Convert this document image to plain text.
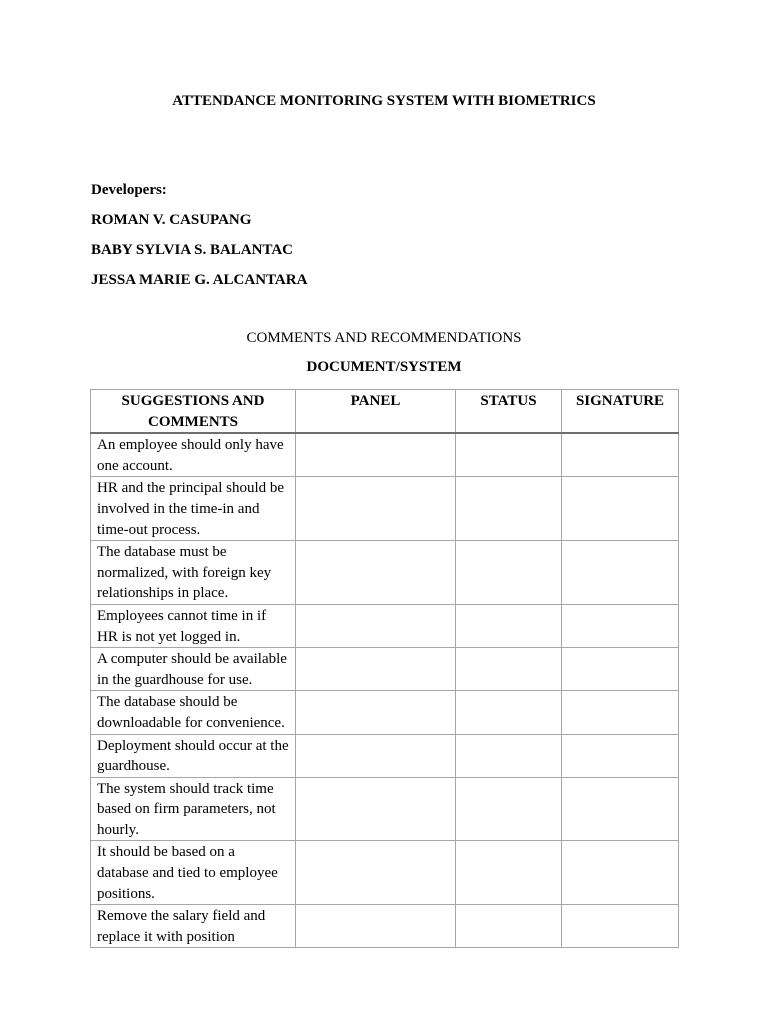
ATTENDANCE MONITORING SYSTEM WITH BIOMETRICS
Developers:
ROMAN V. CASUPANG
BABY SYLVIA S. BALANTAC
JESSA MARIE G. ALCANTARA
COMMENTS AND RECOMMENDATIONS
DOCUMENT/SYSTEM
SUGGESTIONS AND COMMENTS	PANEL	STATUS	SIGNATURE
An employee should only have one account.			
HR and the principal should be involved in the time-in and time-out process.			
The database must be normalized, with foreign key relationships in place.			
Employees cannot time in if HR is not yet logged in.			
A computer should be available in the guardhouse for use.			
The database should be downloadable for convenience.			
Deployment should occur at the guardhouse.			
The system should track time based on firm parameters, not hourly.			
It should be based on a database and tied to employee positions.			
Remove the salary field and replace it with position			
